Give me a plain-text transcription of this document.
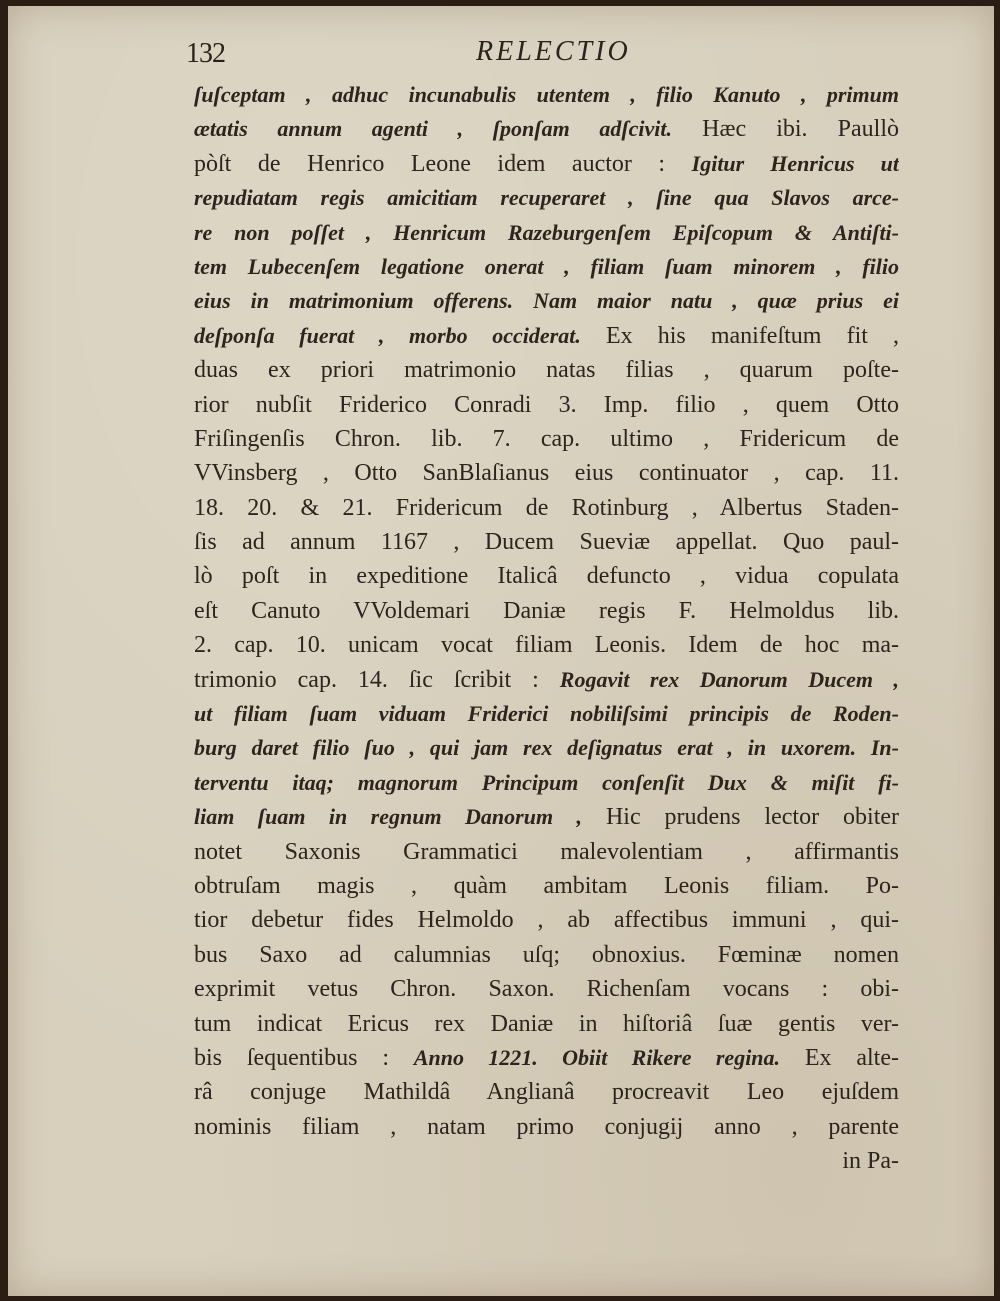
132	RELECTIO
ſuſceptam , adhuc incunabulis utentem , filio Kanuto , primum
ætatis annum agenti , ſponſam adſcivit. Hæc ibi. Paullò
pòſt de Henrico Leone idem auctor : Igitur Henricus ut
repudiatam regis amicitiam recuperaret , ſine qua Slavos arce-
re non poſſet , Henricum Razeburgenſem Epiſcopum & Antiſti-
tem Lubecenſem legatione onerat , filiam ſuam minorem , filio
eius in matrimonium offerens. Nam maior natu , quæ prius ei
deſponſa fuerat , morbo occiderat. Ex his manifeſtum fit ,
duas ex priori matrimonio natas filias , quarum poſte-
rior nubſit Friderico Conradi 3. Imp. filio , quem Otto
Friſingenſis Chron. lib. 7. cap. ultimo , Fridericum de
VVinsberg , Otto SanBlaſianus eius continuator , cap. 11.
18. 20. & 21. Fridericum de Rotinburg , Albertus Staden-
ſis ad annum 1167 , Ducem Sueviæ appellat. Quo paul-
lò poſt in expeditione Italicâ defuncto , vidua copulata
eſt Canuto VVoldemari Daniæ regis F. Helmoldus lib.
2. cap. 10. unicam vocat filiam Leonis. Idem de hoc ma-
trimonio cap. 14. ſic ſcribit : Rogavit rex Danorum Ducem ,
ut filiam ſuam viduam Friderici nobiliſsimi principis de Roden-
burg daret filio ſuo , qui jam rex deſignatus erat , in uxorem. In-
terventu itaq; magnorum Principum conſenſit Dux & miſit fi-
liam ſuam in regnum Danorum , Hic prudens lector obiter
notet Saxonis Grammatici malevolentiam , affirmantis
obtruſam magis , quàm ambitam Leonis filiam. Po-
tior debetur fides Helmoldo , ab affectibus immuni , qui-
bus Saxo ad calumnias uſq; obnoxius. Fœminæ nomen
exprimit vetus Chron. Saxon. Richenſam vocans : obi-
tum indicat Ericus rex Daniæ in hiſtoriâ ſuæ gentis ver-
bis ſequentibus : Anno 1221. Obiit Rikere regina. Ex alte-
râ conjuge Mathildâ Anglianâ procreavit Leo ejuſdem
nominis filiam , natam primo conjugij anno , parente
in Pa-
